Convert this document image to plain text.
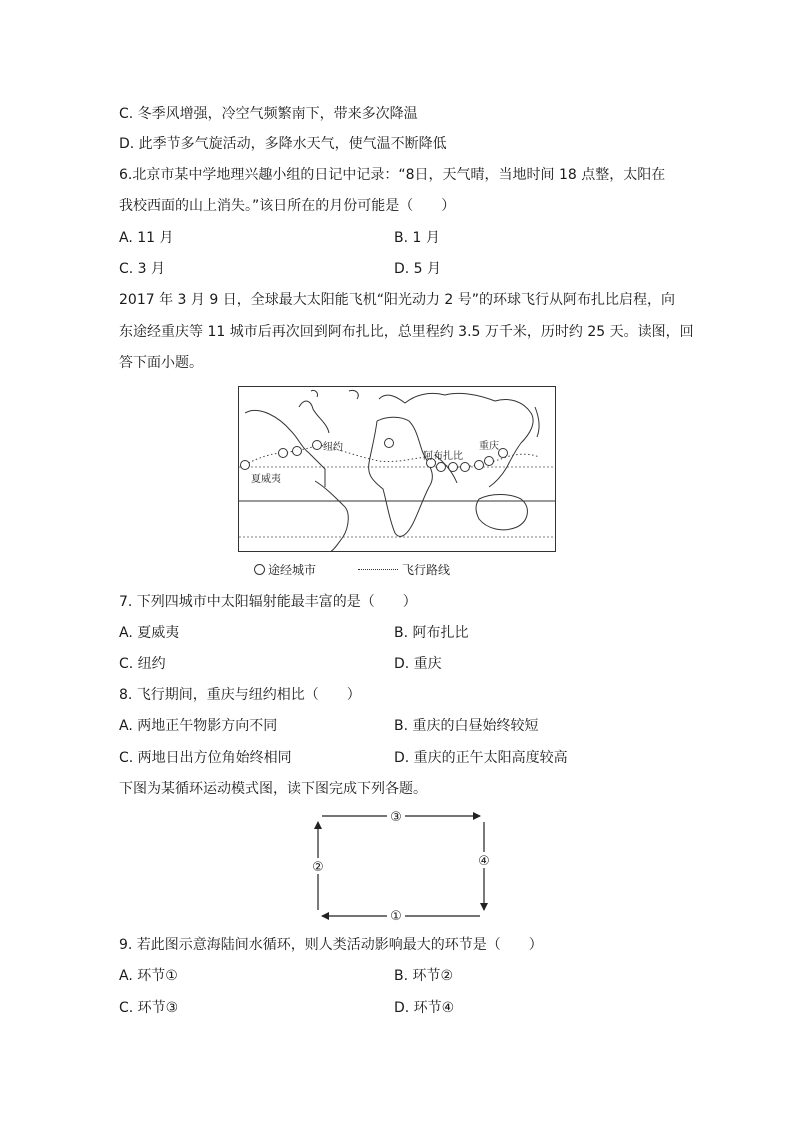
C. 冬季风增强，冷空气频繁南下，带来多次降温
D. 此季节多气旋活动，多降水天气，使气温不断降低
6.北京市某中学地理兴趣小组的日记中记录：“8日，天气晴，当地时间 18 点整，太阳在
我校西面的山上消失。”该日所在的月份可能是（　　）
A. 11 月	B. 1 月
C. 3 月	D. 5 月
2017 年 3 月 9 日，全球最大太阳能飞机“阳光动力 2 号”的环球飞行从阿布扎比启程，向
东途经重庆等 11 城市后再次回到阿布扎比，总里程约 3.5 万千米，历时约 25 天。读图，回
答下面小题。
纽约
夏威夷
阿布扎比
重庆
途经城市	飞行路线
7. 下列四城市中太阳辐射能最丰富的是（　　）
A. 夏威夷	B. 阿布扎比
C. 纽约	D. 重庆
8. 飞行期间，重庆与纽约相比（　　）
A. 两地正午物影方向不同	B. 重庆的白昼始终较短
C. 两地日出方位角始终相同	D. 重庆的正午太阳高度较高
下图为某循环运动模式图，读下图完成下列各题。
③
④
①
②
9. 若此图示意海陆间水循环，则人类活动影响最大的环节是（　　）
A. 环节①	B. 环节②
C. 环节③	D. 环节④
